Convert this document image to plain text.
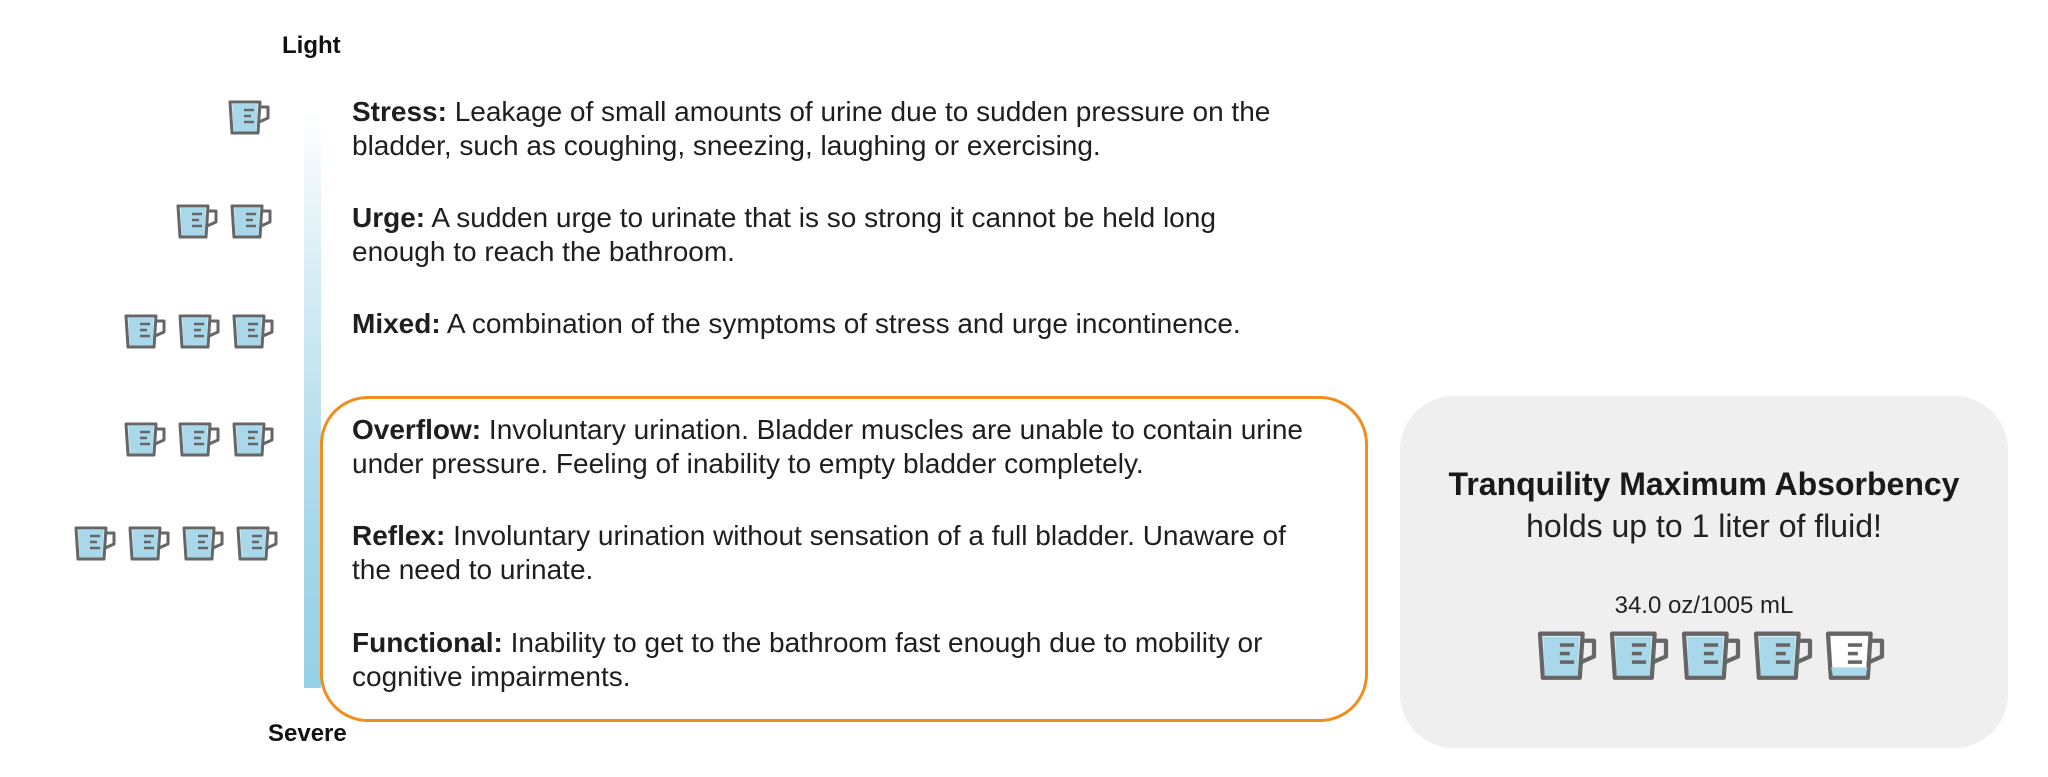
Light
Severe
Stress: Leakage of small amounts of urine due to sudden pressure on the bladder, such as coughing, sneezing, laughing or exercising.
Urge: A sudden urge to urinate that is so strong it cannot be held long enough to reach the bathroom.
Mixed: A combination of the symptoms of stress and urge incontinence.
Overflow: Involuntary urination. Bladder muscles are unable to contain urine under pressure. Feeling of inability to empty bladder completely.
Reflex: Involuntary urination without sensation of a full bladder. Unaware of the need to urinate.
Functional: Inability to get to the bathroom fast enough due to mobility or cognitive impairments.
Tranquility Maximum Absorbency
holds up to 1 liter of fluid!
34.0 oz/1005 mL
